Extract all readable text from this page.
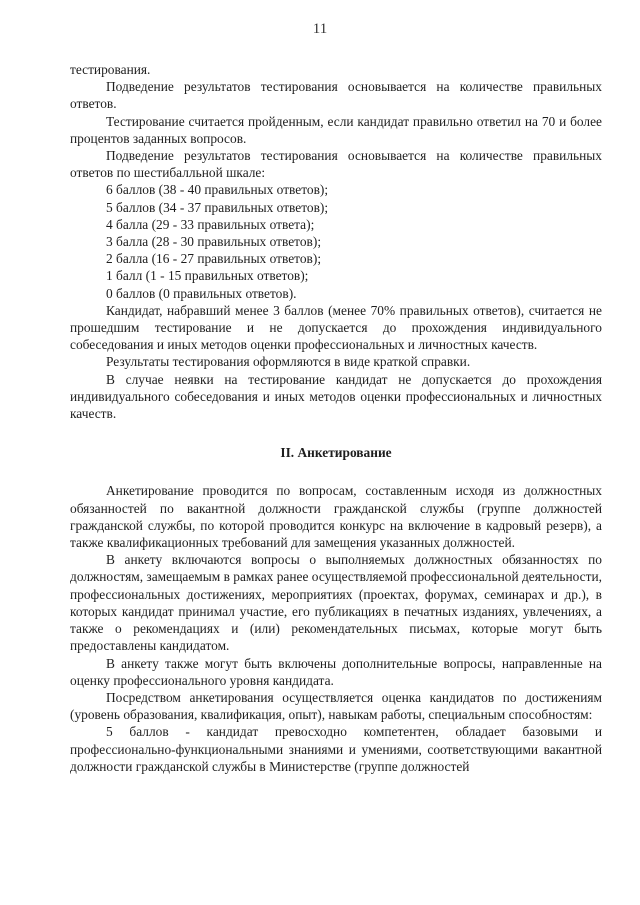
11

тестирования.

Подведение результатов тестирования основывается на количестве правильных ответов.

Тестирование считается пройденным, если кандидат правильно ответил на 70 и более процентов заданных вопросов.

Подведение результатов тестирования основывается на количестве правильных ответов по шестибалльной шкале:

6 баллов (38 - 40 правильных ответов);

5 баллов (34 - 37 правильных ответов);

4 балла (29 - 33 правильных ответа);

3 балла (28 - 30 правильных ответов);

2 балла (16 - 27 правильных ответов);

1 балл (1 - 15 правильных ответов);

0 баллов (0 правильных ответов).

Кандидат, набравший менее 3 баллов (менее 70% правильных ответов), считается не прошедшим тестирование и не допускается до прохождения индивидуального собеседования и иных методов оценки профессиональных и личностных качеств.

Результаты тестирования оформляются в виде краткой справки.

В случае неявки на тестирование кандидат не допускается до прохождения индивидуального собеседования и иных методов оценки профессиональных и личностных качеств.

II. Анкетирование

Анкетирование проводится по вопросам, составленным исходя из должностных обязанностей по вакантной должности гражданской службы (группе должностей гражданской службы, по которой проводится конкурс на включение в кадровый резерв), а также квалификационных требований для замещения указанных должностей.

В анкету включаются вопросы о выполняемых должностных обязанностях по должностям, замещаемым в рамках ранее осуществляемой профессиональной деятельности, профессиональных достижениях, мероприятиях (проектах, форумах, семинарах и др.), в которых кандидат принимал участие, его публикациях в печатных изданиях, увлечениях, а также о рекомендациях и (или) рекомендательных письмах, которые могут быть предоставлены кандидатом.

В анкету также могут быть включены дополнительные вопросы, направленные на оценку профессионального уровня кандидата.

Посредством анкетирования осуществляется оценка кандидатов по достижениям (уровень образования, квалификация, опыт), навыкам работы, специальным способностям:

5 баллов - кандидат превосходно компетентен, обладает базовыми и профессионально-функциональными знаниями и умениями, соответствующими вакантной должности гражданской службы в Министерстве (группе должностей
